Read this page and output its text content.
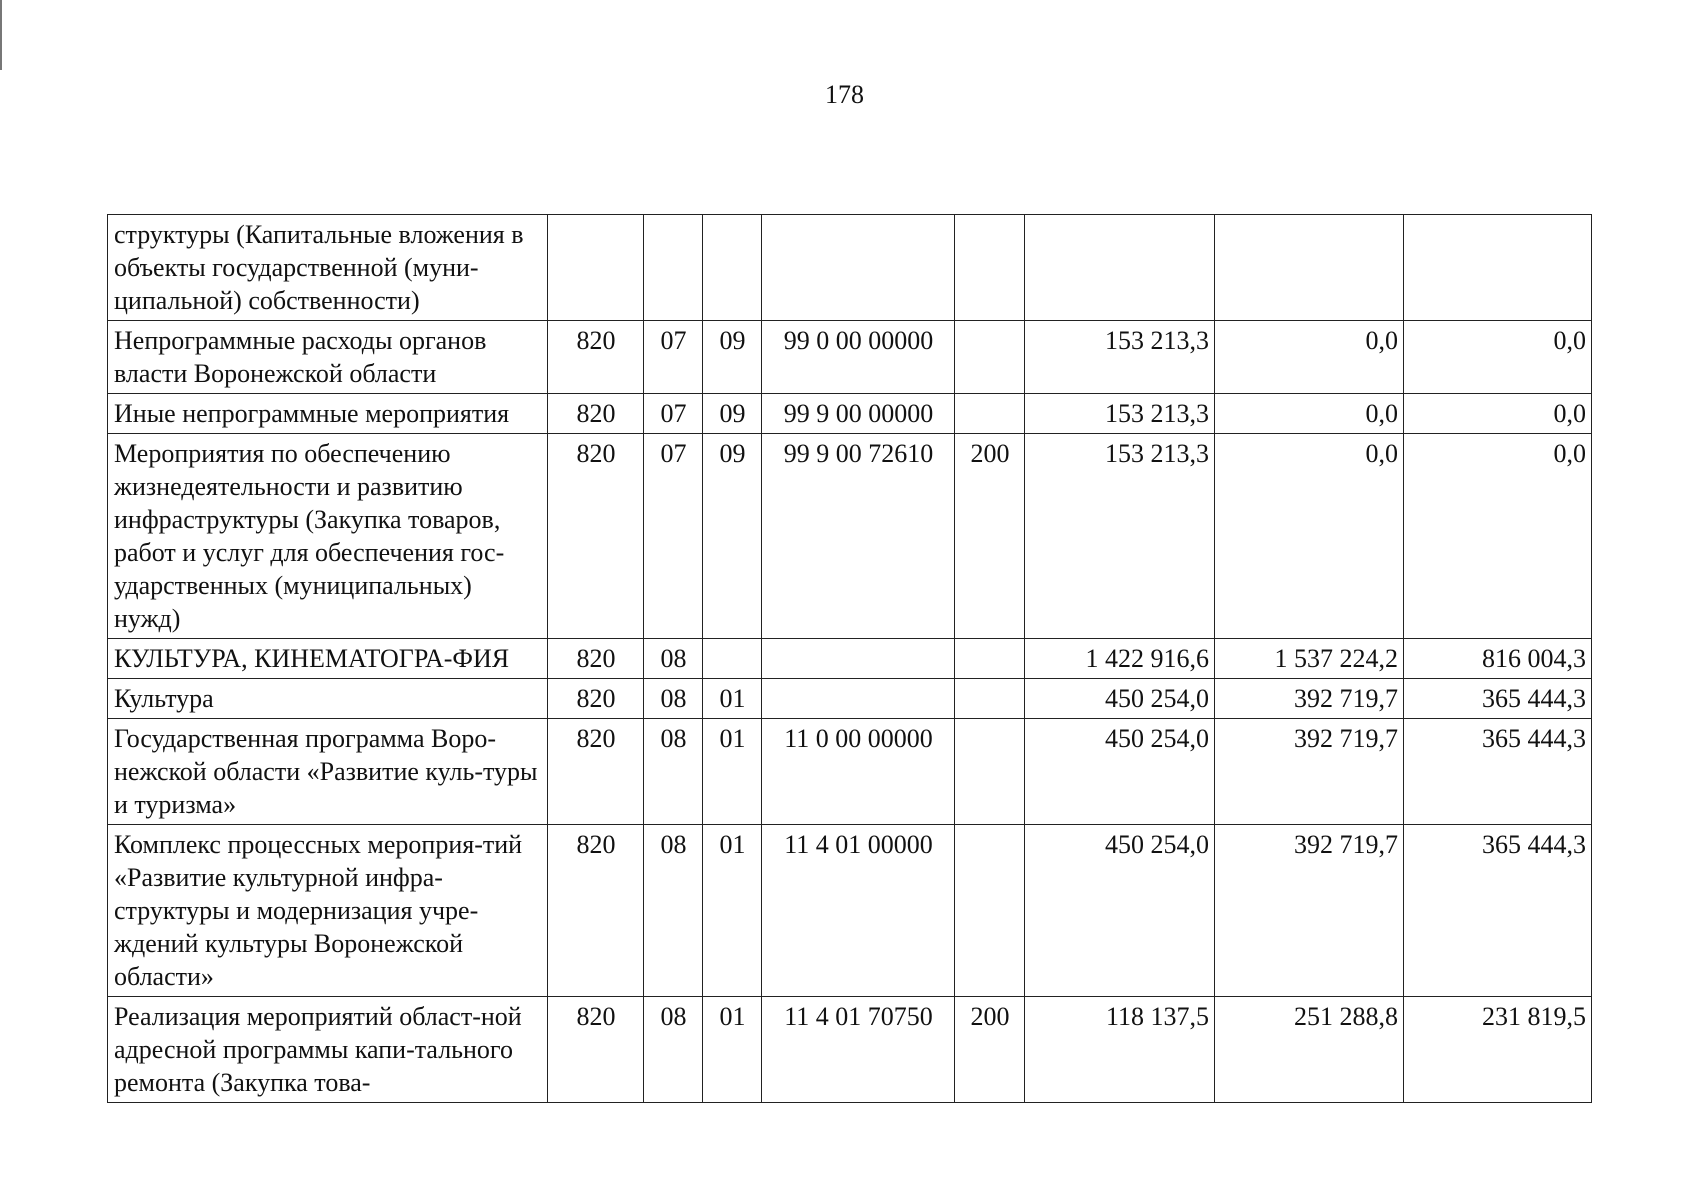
178
структуры (Капитальные вложения в объекты государственной (муни-ципальной) собственности)								
Непрограммные расходы органов власти Воронежской области	820	07	09	99 0 00 00000		153 213,3	0,0	0,0
Иные непрограммные мероприятия	820	07	09	99 9 00 00000		153 213,3	0,0	0,0
Мероприятия по обеспечению жизнедеятельности и развитию инфраструктуры (Закупка товаров, работ и услуг для обеспечения гос-ударственных (муниципальных) нужд)	820	07	09	99 9 00 72610	200	153 213,3	0,0	0,0
КУЛЬТУРА, КИНЕМАТОГРА-ФИЯ	820	08				1 422 916,6	1 537 224,2	816 004,3
Культура	820	08	01			450 254,0	392 719,7	365 444,3
Государственная программа Воро-нежской области «Развитие куль-туры и туризма»	820	08	01	11 0 00 00000		450 254,0	392 719,7	365 444,3
Комплекс процессных мероприя-тий «Развитие культурной инфра-структуры и модернизация учре-ждений культуры Воронежской области»	820	08	01	11 4 01 00000		450 254,0	392 719,7	365 444,3
Реализация мероприятий област-ной адресной программы капи-тального ремонта (Закупка това-	820	08	01	11 4 01 70750	200	118 137,5	251 288,8	231 819,5
